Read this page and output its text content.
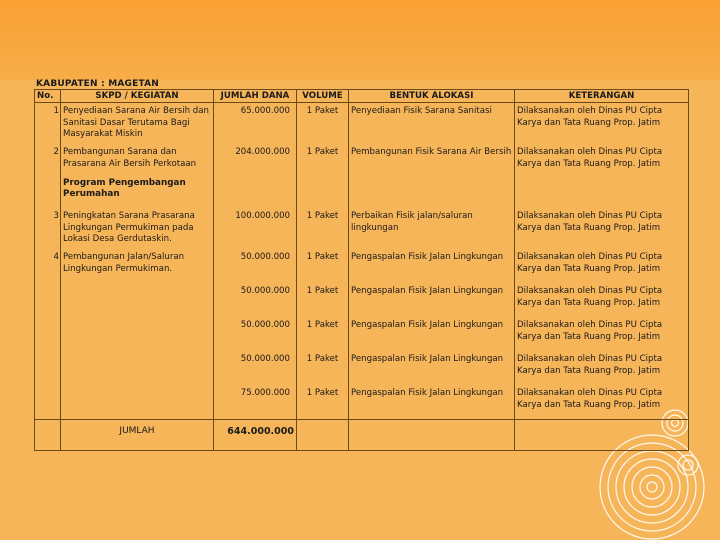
KABUPATEN : MAGETAN
No.	SKPD / KEGIATAN	JUMLAH DANA	VOLUME	BENTUK ALOKASI	KETERANGAN
1	Penyediaan Sarana Air Bersih dan Sanitasi Dasar Terutama Bagi Masyarakat Miskin	65.000.000	1 Paket	Penyediaan Fisik Sarana Sanitasi	Dilaksanakan oleh Dinas PU Cipta Karya dan Tata Ruang Prop. Jatim
2	Pembangunan Sarana dan Prasarana Air Bersih Perkotaan	204.000.000	1 Paket	Pembangunan Fisik Sarana Air Bersih	Dilaksanakan oleh Dinas PU Cipta Karya dan Tata Ruang Prop. Jatim
	Program Pengembangan Perumahan				
3	Peningkatan Sarana Prasarana Lingkungan Permukiman pada Lokasi Desa Gerdutaskin.	100.000.000	1 Paket	Perbaikan Fisik jalan/saluran lingkungan	Dilaksanakan oleh Dinas PU Cipta Karya dan Tata Ruang Prop. Jatim
4	Pembangunan Jalan/Saluran Lingkungan Permukiman.	50.000.000	1 Paket	Pengaspalan Fisik Jalan Lingkungan	Dilaksanakan oleh Dinas PU Cipta Karya dan Tata Ruang Prop. Jatim
		50.000.000	1 Paket	Pengaspalan Fisik Jalan Lingkungan	Dilaksanakan oleh Dinas PU Cipta Karya dan Tata Ruang Prop. Jatim
		50.000.000	1 Paket	Pengaspalan Fisik Jalan Lingkungan	Dilaksanakan oleh Dinas PU Cipta Karya dan Tata Ruang Prop. Jatim
		50.000.000	1 Paket	Pengaspalan Fisik Jalan Lingkungan	Dilaksanakan oleh Dinas PU Cipta Karya dan Tata Ruang Prop. Jatim
		75.000.000	1 Paket	Pengaspalan Fisik Jalan Lingkungan	Dilaksanakan oleh Dinas PU Cipta Karya dan Tata Ruang Prop. Jatim
	JUMLAH	644.000.000			
